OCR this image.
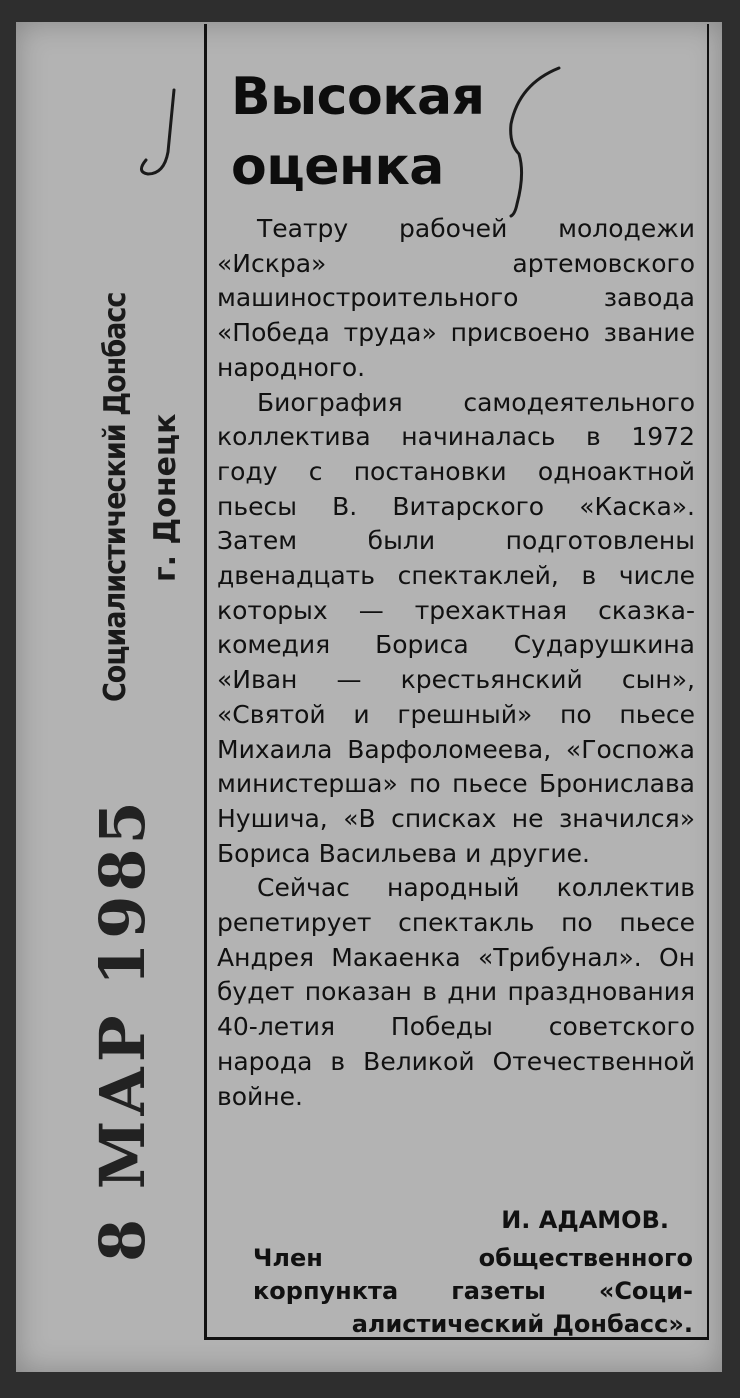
Социалистический Донбасс г. Донецк
8 МАР 1985
Высокая
оценка

Театру рабочей молодежи «Искра» артемовского машиностроительного завода «Победа труда» присвоено звание народного.

Биография самодеятельного коллектива начиналась в 1972 году с постановки одноактной пьесы В. Витарского «Каска». Затем были подготовлены двенадцать спектаклей, в числе которых — трехактная сказка-комедия Бориса Сударушкина «Иван — крестьянский сын», «Святой и грешный» по пьесе Михаила Варфоломеева, «Госпожа министерша» по пьесе Бронислава Нушича, «В списках не значился» Бориса Васильева и другие.

Сейчас народный коллектив репетирует спектакль по пьесе Андрея Макаенка «Трибунал». Он будет показан в дни празднования 40-летия Победы советского народа в Великой Отечественной войне.

И. АДАМОВ.

Член общественного
корпункта газеты «Соци-
алистический Донбасс».
